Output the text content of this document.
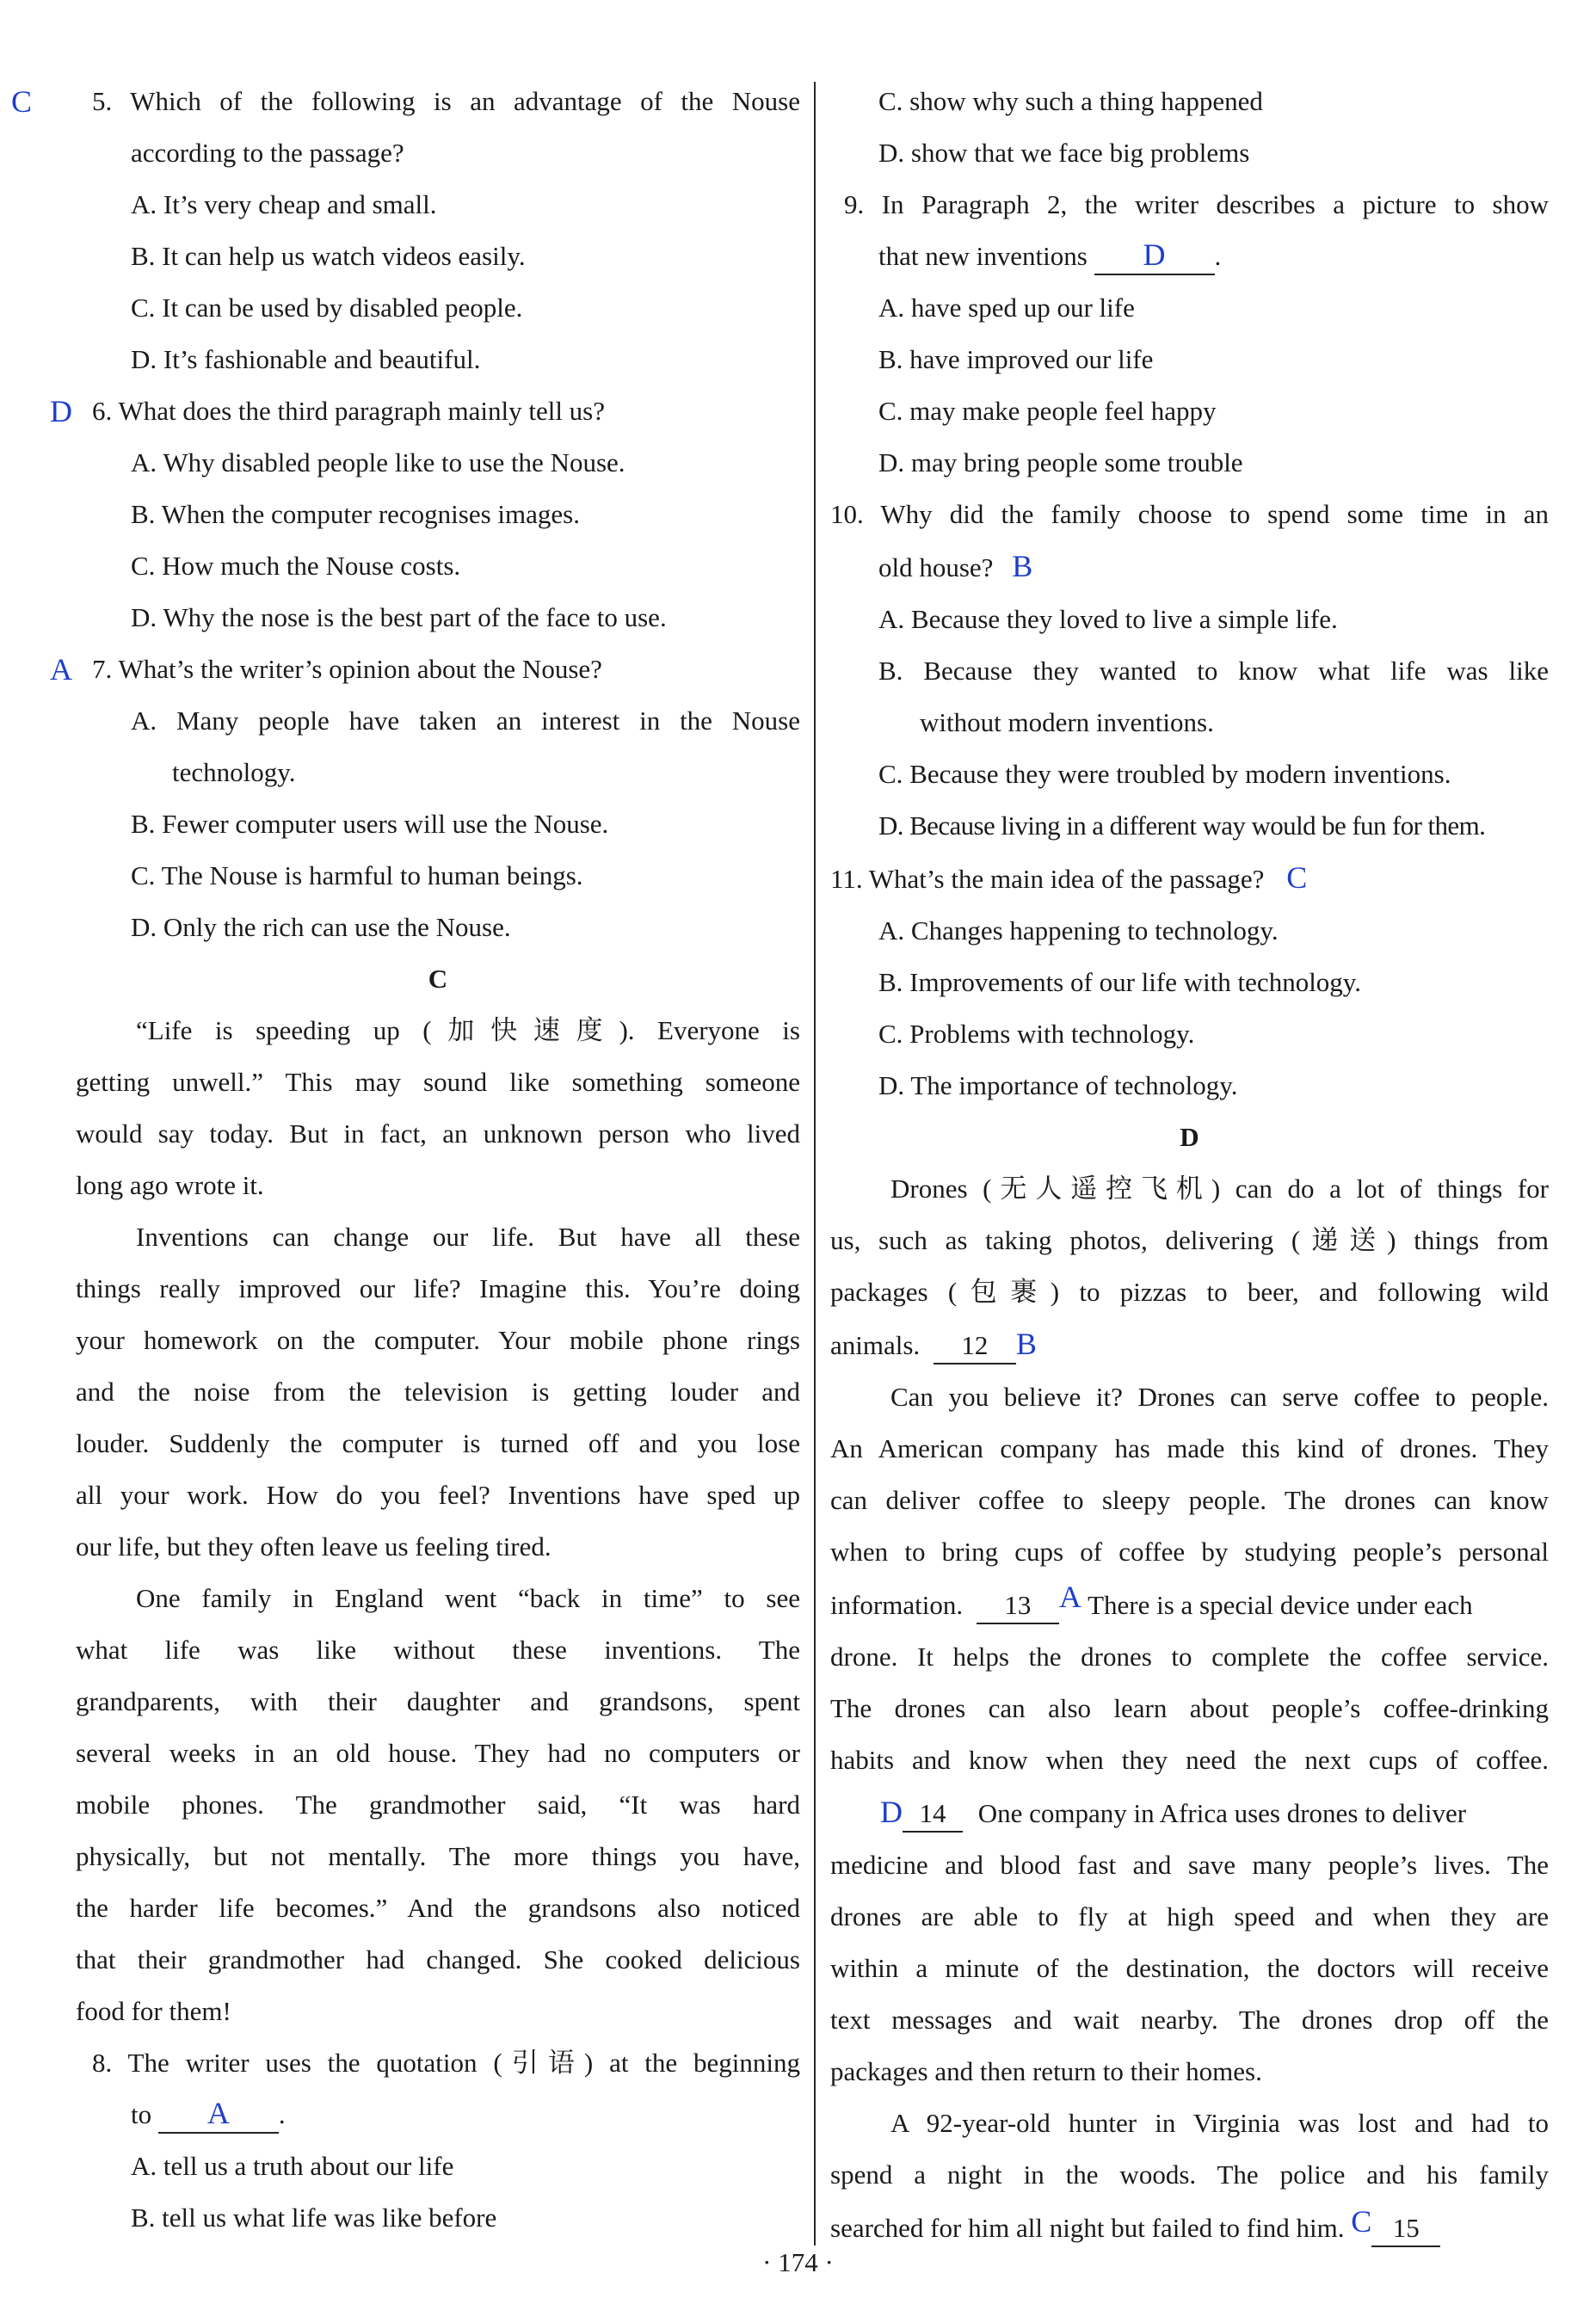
C	5. Which of the following is an advantage of the Nouse
according to the passage?
A. It’s very cheap and small.
B. It can help us watch videos easily.
C. It can be used by disabled people.
D. It’s fashionable and beautiful.
D 6. What does the third paragraph mainly tell us?
A. Why disabled people like to use the Nouse.
B. When the computer recognises images.
C. How much the Nouse costs.
D. Why the nose is the best part of the face to use.
A 7. What’s the writer’s opinion about the Nouse?
A. Many people have taken an interest in the Nouse
technology.
B. Fewer computer users will use the Nouse.
C. The Nouse is harmful to human beings.
D. Only the rich can use the Nouse.
C
“Life is speeding up (加快速度). Everyone is
getting unwell.” This may sound like something someone
would say today. But in fact, an unknown person who lived
long ago wrote it.
Inventions can change our life. But have all these
things really improved our life? Imagine this. You’re doing
your homework on the computer. Your mobile phone rings
and the noise from the television is getting louder and
louder. Suddenly the computer is turned off and you lose
all your work. How do you feel? Inventions have sped up
our life, but they often leave us feeling tired.
One family in England went “back in time” to see
what life was like without these inventions. The
grandparents, with their daughter and grandsons, spent
several weeks in an old house. They had no computers or
mobile phones. The grandmother said, “It was hard
physically, but not mentally. The more things you have,
the harder life becomes.” And the grandsons also noticed
that their grandmother had changed. She cooked delicious
food for them!
8. The writer uses the quotation (引语) at the beginning
to A .
A. tell us a truth about our life
B. tell us what life was like before
C. show why such a thing happened
D. show that we face big problems
9. In Paragraph 2, the writer describes a picture to show
that new inventions D .
A. have sped up our life
B. have improved our life
C. may make people feel happy
D. may bring people some trouble
10. Why did the family choose to spend some time in an
old house? B
A. Because they loved to live a simple life.
B. Because they wanted to know what life was like
without modern inventions.
C. Because they were troubled by modern inventions.
D. Because living in a different way would be fun for them.
11. What’s the main idea of the passage? C
A. Changes happening to technology.
B. Improvements of our life with technology.
C. Problems with technology.
D. The importance of technology.
D
Drones (无人遥控飞机) can do a lot of things for
us, such as taking photos, delivering (递送) things from
packages (包裹) to pizzas to beer, and following wild
animals. 12 B
Can you believe it? Drones can serve coffee to people.
An American company has made this kind of drones. They
can deliver coffee to sleepy people. The drones can know
when to bring cups of coffee by studying people’s personal
information. 13 A There is a special device under each
drone. It helps the drones to complete the coffee service.
The drones can also learn about people’s coffee-drinking
habits and know when they need the next cups of coffee.
D 14 One company in Africa uses drones to deliver
medicine and blood fast and save many people’s lives. The
drones are able to fly at high speed and when they are
within a minute of the destination, the doctors will receive
text messages and wait nearby. The drones drop off the
packages and then return to their homes.
A 92-year-old hunter in Virginia was lost and had to
spend a night in the woods. The police and his family
searched for him all night but failed to find him. C 15
· 174 ·
